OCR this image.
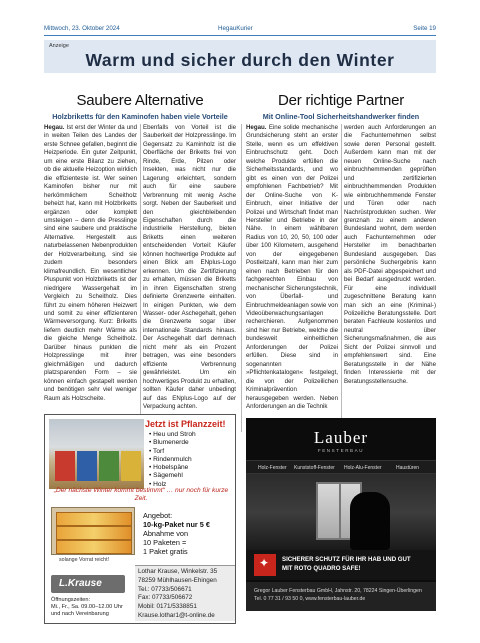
Mittwoch, 23. Oktober 2024	HegauKurier	Seite 19
Anzeige
Warm und sicher durch den Winter
Saubere Alternative
Holzbriketts für den Kaminofen haben viele Vorteile

Hegau. Ist erst der Winter da und in weiten Teilen des Landes der erste Schnee gefallen, beginnt die Heizperiode. Ein guter Zeitpunkt, um eine erste Bilanz zu ziehen, ob die aktuelle Heizoption wirklich die effizienteste ist. Wer seinen Kaminofen bisher nur mit herkömmlichem Scheitholz beheizt hat, kann mit Holzbriketts ergänzen oder komplett umsteigen – denn die Presslinge sind eine saubere und praktische Alternative. Hergestellt aus naturbelassenen Nebenprodukten der Holzverarbeitung, sind sie zudem besonders klimafreundlich. Ein wesentlicher Pluspunkt von Holzbriketts ist der niedrigere Wassergehalt im Vergleich zu Scheitholz. Dies führt zu einem höheren Heizwert und somit zu einer effizienteren Wärmeversorgung. Kurz: Briketts liefern deutlich mehr Wärme als die gleiche Menge Scheitholz. Darüber hinaus punkten die Holzpresslinge mit ihrer gleichmäßigen und dadurch platzsparenden Form – sie können einfach gestapelt werden und benötigen sehr viel weniger Raum als Holzscheite.

Ebenfalls von Vorteil ist die Sauberkeit der Holzpresslinge. Im Gegensatz zu Kaminholz ist die Oberfläche der Briketts frei von Rinde, Erde, Pilzen oder Insekten, was nicht nur die Lagerung erleichtert, sondern auch für eine saubere Verbrennung mit wenig Asche sorgt. Neben der Sauberkeit und den gleichbleibenden Eigenschaften durch die industrielle Herstellung, bieten Briketts einen weiteren entscheidenden Vorteil: Käufer können hochwertige Produkte auf einen Blick am ENplus-Logo erkennen. Um die Zertifizierung zu erhalten, müssen die Briketts in ihren Eigenschaften streng definierte Grenzwerte einhalten. In einigen Punkten, wie dem Wasser- oder Aschegehalt, gehen die Grenzwerte sogar über internationale Standards hinaus. Der Aschegehalt darf demnach nicht mehr als ein Prozent betragen, was eine besonders effiziente Verbrennung gewährleistet. Um ein hochwertiges Produkt zu erhalten, sollten Käufer daher unbedingt auf das ENplus-Logo auf der Verpackung achten.

Der richtige Partner
Mit Online-Tool Sicherheitshandwerker finden

Hegau. Eine solide mechanische Grundsicherung steht an erster Stelle, wenn es um effektiven Einbruchschutz geht. Doch welche Produkte erfüllen die Sicherheitsstandards, und wo gibt es einen von der Polizei empfohlenen Fachbetrieb? Mit der Online-Suche von K-Einbruch, einer Initiative der Polizei und Wirtschaft findet man Hersteller und Betriebe in der Nähe. In einem wählbaren Radius von 10, 20, 50, 100 oder über 100 Kilometern, ausgehend von der eingegebenen Postleitzahl, kann man hier zum einen nach Betrieben für den fachgerechten Einbau von mechanischer Sicherungstechnik, von Überfall- und Einbruchmeldeanlagen sowie von Videoüberwachungsanlagen recherchieren. Aufgenommen sind hier nur Betriebe, welche die bundesweit einheitlichen Anforderungen der Polizei erfüllen. Diese sind in sogenannten »Pflichtenkatalogen« festgelegt, die von der Polizeilichen Kriminalprävention herausgegeben werden. Neben Anforderungen an die Technik

werden auch Anforderungen an die Fachunternehmen selbst sowie deren Personal gestellt. Außerdem kann man mit der neuen Online-Suche nach einbruchhemmenden geprüften und zertifizierten einbruchhemmenden Produkten wie einbruchhemmende Fenster und Türen oder nach Nachrüstprodukten suchen. Wer grenznah zu einem anderen Bundesland wohnt, dem werden auch Fachunternehmen oder Hersteller im benachbarten Bundesland ausgegeben. Das persönliche Suchergebnis kann als PDF-Datei abgespeichert und bei Bedarf ausgedruckt werden. Für eine individuell zugeschnittene Beratung kann man sich an eine (Kriminal-) Polizeiliche Beratungsstelle. Dort beraten Fachleute kostenlos und neutral über Sicherungsmaßnahmen, die aus Sicht der Polizei sinnvoll und empfehlenswert sind. Eine Beratungsstelle in der Nähe finden Interessierte mit der Beratungsstellensuche.

Jetzt ist Pflanzzeit!
• Heu und Stroh
• Blumenerde
• Torf
• Rindenmulch
• Hobelspäne
• Sägemehl
• Holz
„Der nächste Winter kommt bestimmt“ … nur noch für kurze Zeit.
solange Vorrat reicht!
Angebot:
10-kg-Paket nur 5 €
Abnahme von
10 Paketen =
1 Paket gratis
L.Krause
Öffnungszeiten:
Mi., Fr., Sa. 09.00–12.00 Uhr
und nach Vereinbarung
Lothar Krause, Winkelstr. 35
78259 Mühlhausen-Ehingen
Tel.: 07733/506671
Fax: 07733/506672
Mobil: 0171/5338851
Krause.lothar1@t-online.de
Lauber
FENSTERBAU
Holz-Fenster Kunststoff-Fenster Holz-Alu-Fenster	Haustüren
✦
SICHERER SCHUTZ FÜR IHR HAB UND GUT
MIT ROTO QUADRO SAFE!
Gregor Lauber Fensterbau GmbH, Jahnstr. 20, 78224 Singen-Überlingen
Tel. 0 77 31 / 93 50 0, www.fensterbau-lauber.de
